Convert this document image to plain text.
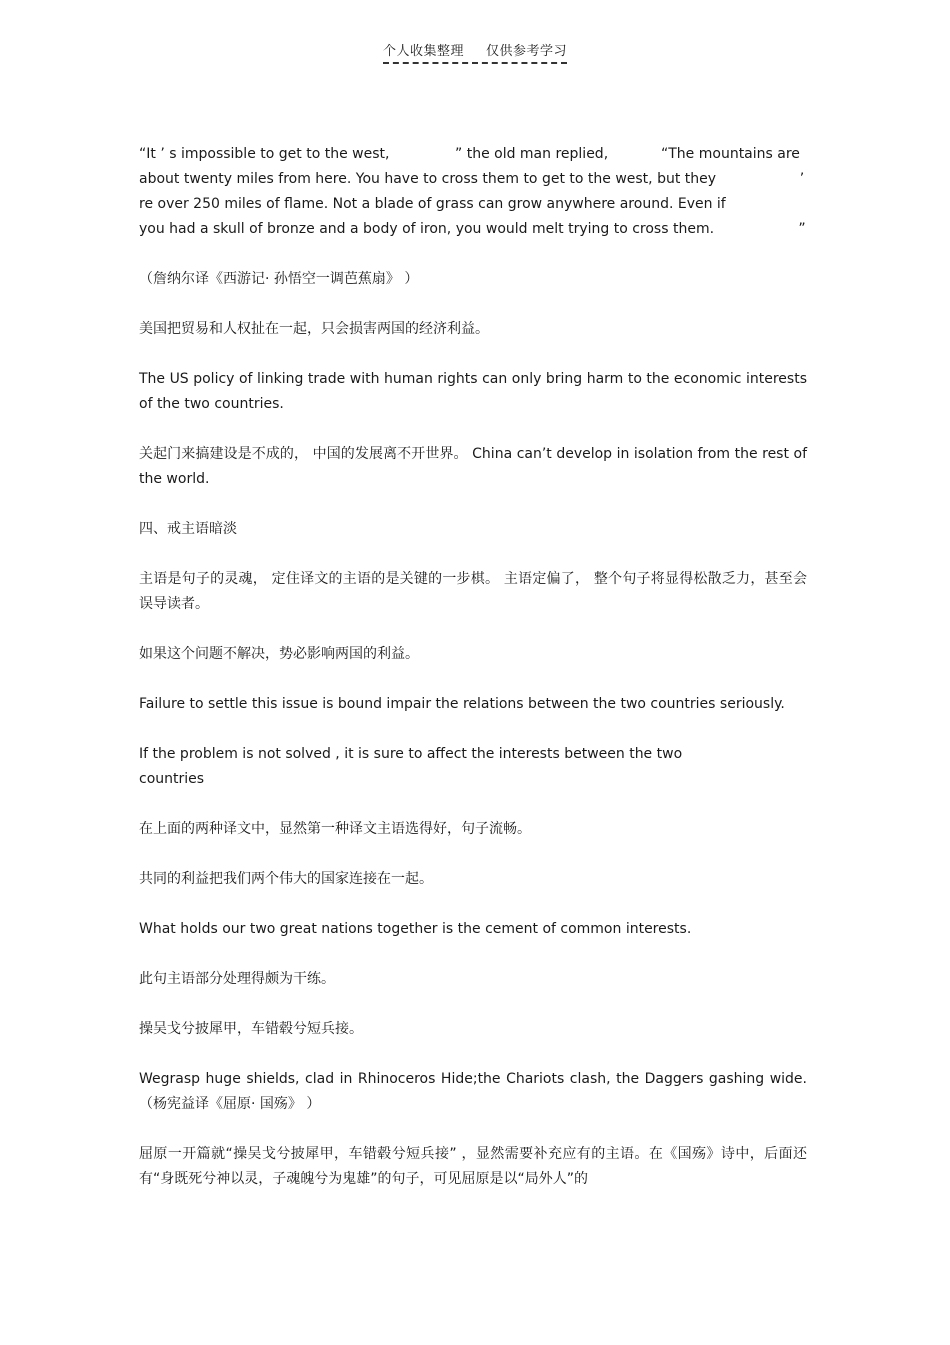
个人收集整理 仅供参考学习
“It ’ s impossible to get to the west,	” the old man replied,	“The mountains are
about twenty miles from here. You have to cross them to get to the west, but they	’
re over 250 miles of flame. Not a blade of grass can grow anywhere around. Even if
you had a skull of bronze and a body of iron, you would melt trying to cross them.	”
（詹纳尔译《西游记· 孙悟空一调芭蕉扇》 ）
美国把贸易和人权扯在一起，只会损害两国的经济利益。
The US policy of linking trade with human rights can only bring harm to the economic interests of the two countries.
关起门来搞建设是不成的， 中国的发展离不开世界。 China can’t develop in isolation from the rest of the world.
四、戒主语暗淡
主语是句子的灵魂， 定住译文的主语的是关键的一步棋。 主语定偏了， 整个句子将显得松散乏力，甚至会误导读者。
如果这个问题不解决，势必影响两国的利益。
Failure to settle this issue is bound impair the relations between the two countries seriously.
If the problem is not solved , it is sure to affect the interests between the two
countries
在上面的两种译文中，显然第一种译文主语选得好，句子流畅。
共同的利益把我们两个伟大的国家连接在一起。
What holds our two great nations together is the cement of common interests.
此句主语部分处理得颇为干练。
操吴戈兮披犀甲，车错毂兮短兵接。
Wegrasp huge shields, clad in Rhinoceros Hide;the Chariots clash, the Daggers gashing wide. （杨宪益译《屈原· 国殇》 ）
屈原一开篇就“操吴戈兮披犀甲，车错毂兮短兵接” ，显然需要补充应有的主语。在《国殇》诗中，后面还有“身既死兮神以灵，子魂魄兮为鬼雄”的句子，可见屈原是以“局外人”的
